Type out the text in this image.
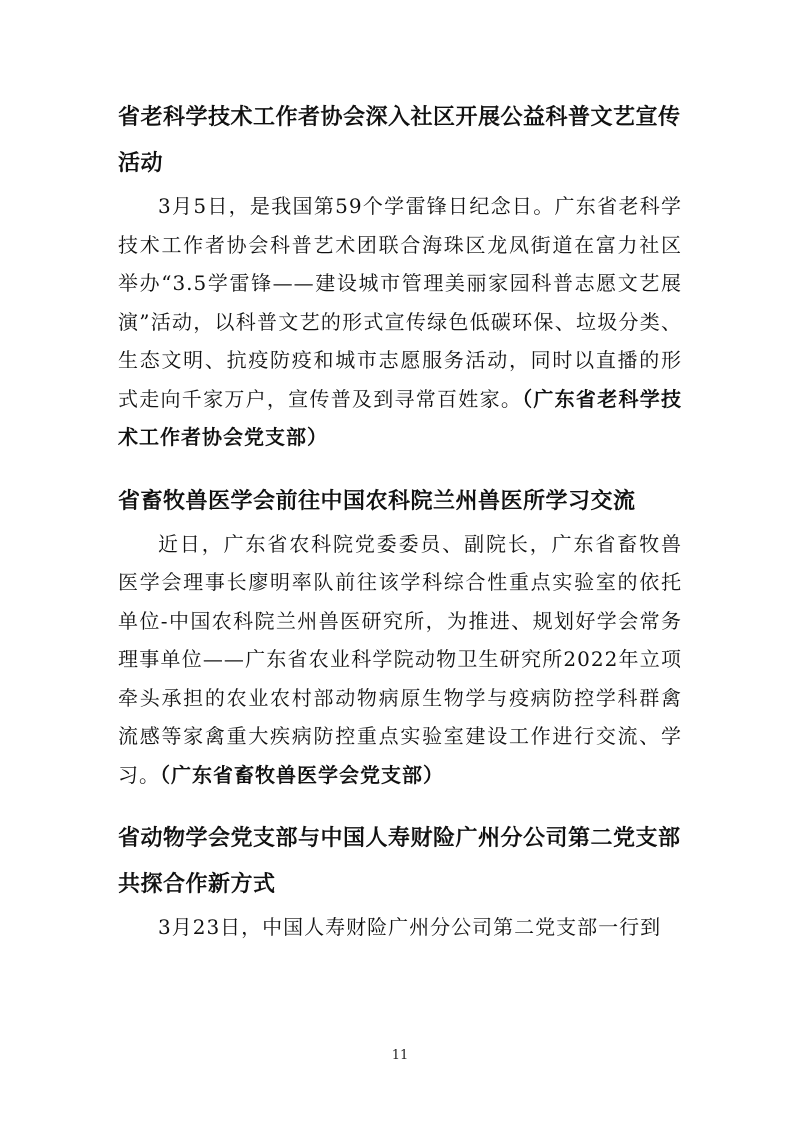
省老科学技术工作者协会深入社区开展公益科普文艺宣传活动

3月5日，是我国第59个学雷锋日纪念日。广东省老科学技术工作者协会科普艺术团联合海珠区龙凤街道在富力社区举办“3.5学雷锋——建设城市管理美丽家园科普志愿文艺展演”活动，以科普文艺的形式宣传绿色低碳环保、垃圾分类、生态文明、抗疫防疫和城市志愿服务活动，同时以直播的形式走向千家万户，宣传普及到寻常百姓家。（广东省老科学技术工作者协会党支部）

省畜牧兽医学会前往中国农科院兰州兽医所学习交流

近日，广东省农科院党委委员、副院长，广东省畜牧兽医学会理事长廖明率队前往该学科综合性重点实验室的依托单位-中国农科院兰州兽医研究所，为推进、规划好学会常务理事单位——广东省农业科学院动物卫生研究所2022年立项牵头承担的农业农村部动物病原生物学与疫病防控学科群禽流感等家禽重大疾病防控重点实验室建设工作进行交流、学习。（广东省畜牧兽医学会党支部）

省动物学会党支部与中国人寿财险广州分公司第二党支部共探合作新方式

3月23日，中国人寿财险广州分公司第二党支部一行到

11
